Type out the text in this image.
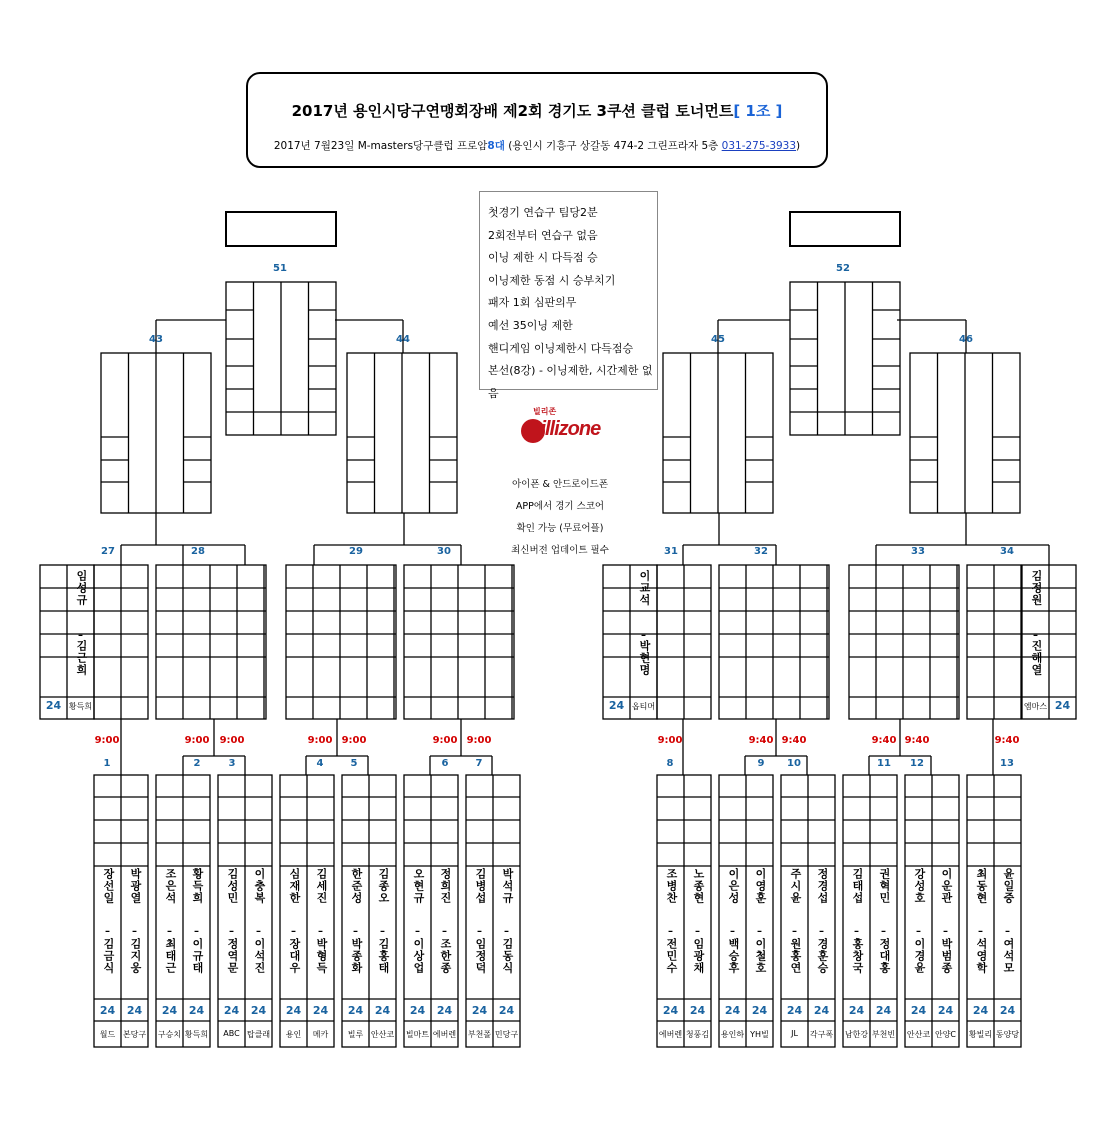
2017년 용인시당구연맹회장배 제2회 경기도 3쿠션 클럽 토너먼트[ 1조 ]
2017년 7월23일 M-masters당구클럽 프로암8대 (용인시 기흥구 상갈동 474-2 그린프라자 5층 031-275-3933)
첫경기 연습구 팀당2분
2회전부터 연습구 없음
이닝 제한 시 다득점 승
이닝제한 동점 시 승부치기
패자 1회 심판의무
예선 35이닝 제한
핸디게임 이닝제한시 다득점승
본선(8강) - 이닝제한, 시간제한 없음
빌리존
Billizone
아이폰 & 안드로이드폰
APP에서 경기 스코어
확인 가능 (무료어플)
최신버전 업데이트 필수
장선일
김금식
–
24
월드
박광열
김지웅
–
24
본당구
조은석
최태근
–
24
구승치
황득희
이규태
–
24
황득희
김성민
정역문
–
24
ABC
이충복
이석진
–
24
탑클래
심재한
장대우
–
24
용인
김세진
박형득
–
24
메카
한준성
박종화
–
24
빌루
김종오
김홍태
–
24
안산코
오현규
이상업
–
24
빌마트
정희진
조한종
–
24
에버렌
김병섭
임정덕
–
24
부천폴
박석규
김동식
–
24
민당구
조병찬
전민수
–
24
에버렌
노종현
임광채
–
24
청풍김
이은성
백승후
–
24
용인하
이영훈
이철호
–
24
YH빌
주시윤
원홍연
–
24
JL
정경섭
경훈승
–
24
각구폭
김태섭
홍창국
–
24
남한강
권혁민
정대홍
–
24
부천빈
강성호
이경윤
–
24
안산코
이운관
박범종
–
24
안양C
최동현
석영학
–
24
황빌리
윤일중
여석모
–
24
동양당
1
9:00
2
9:00
3
9:00
4
9:00
5
9:00
6
9:00
7
9:00
8
9:00
9
9:40
10
9:40
11
9:40
12
9:40
13
9:40
임성규
–
김근희
24 황득희
이교석
–
박현명
24 옵티머
김정원
–
진해열
24
엠마스
27	28	29	30	31	32	33	34
43	44	45	46
51	52
